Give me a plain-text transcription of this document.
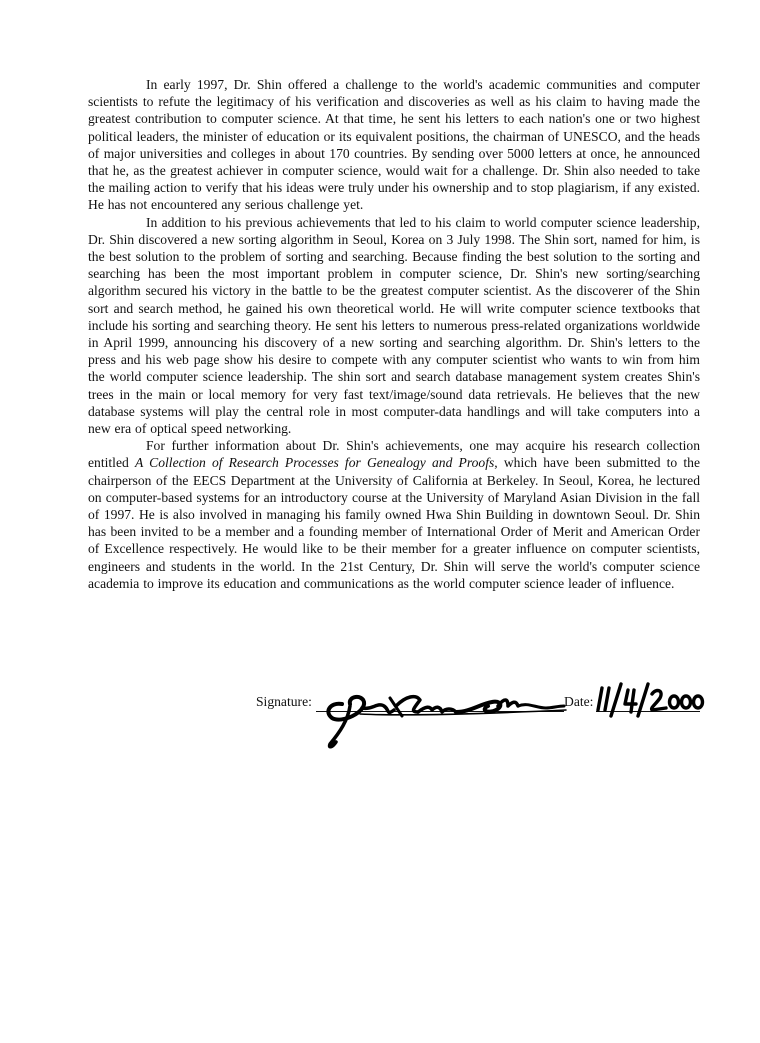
In early 1997, Dr. Shin offered a challenge to the world's academic communities and computer scientists to refute the legitimacy of his verification and discoveries as well as his claim to having made the greatest contribution to computer science. At that time, he sent his letters to each nation's one or two highest political leaders, the minister of education or its equivalent positions, the chairman of UNESCO, and the heads of major universities and colleges in about 170 countries. By sending over 5000 letters at once, he announced that he, as the greatest achiever in computer science, would wait for a challenge. Dr. Shin also needed to take the mailing action to verify that his ideas were truly under his ownership and to stop plagiarism, if any existed. He has not encountered any serious challenge yet.

In addition to his previous achievements that led to his claim to world computer science leadership, Dr. Shin discovered a new sorting algorithm in Seoul, Korea on 3 July 1998. The Shin sort, named for him, is the best solution to the problem of sorting and searching. Because finding the best solution to the sorting and searching has been the most important problem in computer science, Dr. Shin's new sorting/searching algorithm secured his victory in the battle to be the greatest computer scientist. As the discoverer of the Shin sort and search method, he gained his own theoretical world. He will write computer science textbooks that include his sorting and searching theory. He sent his letters to numerous press-related organizations worldwide in April 1999, announcing his discovery of a new sorting and searching algorithm. Dr. Shin's letters to the press and his web page show his desire to compete with any computer scientist who wants to win from him the world computer science leadership. The shin sort and search database management system creates Shin's trees in the main or local memory for very fast text/image/sound data retrievals. He believes that the new database systems will play the central role in most computer-data handlings and will take computers into a new era of optical speed networking.

For further information about Dr. Shin's achievements, one may acquire his research collection entitled A Collection of Research Processes for Genealogy and Proofs, which have been submitted to the chairperson of the EECS Department at the University of California at Berkeley. In Seoul, Korea, he lectured on computer-based systems for an introductory course at the University of Maryland Asian Division in the fall of 1997. He is also involved in managing his family owned Hwa Shin Building in downtown Seoul. Dr. Shin has been invited to be a member and a founding member of International Order of Merit and American Order of Excellence respectively. He would like to be their member for a greater influence on computer scientists, engineers and students in the world. In the 21st Century, Dr. Shin will serve the world's computer science academia to improve its education and communications as the world computer science leader of influence.

Signature:	Date:
